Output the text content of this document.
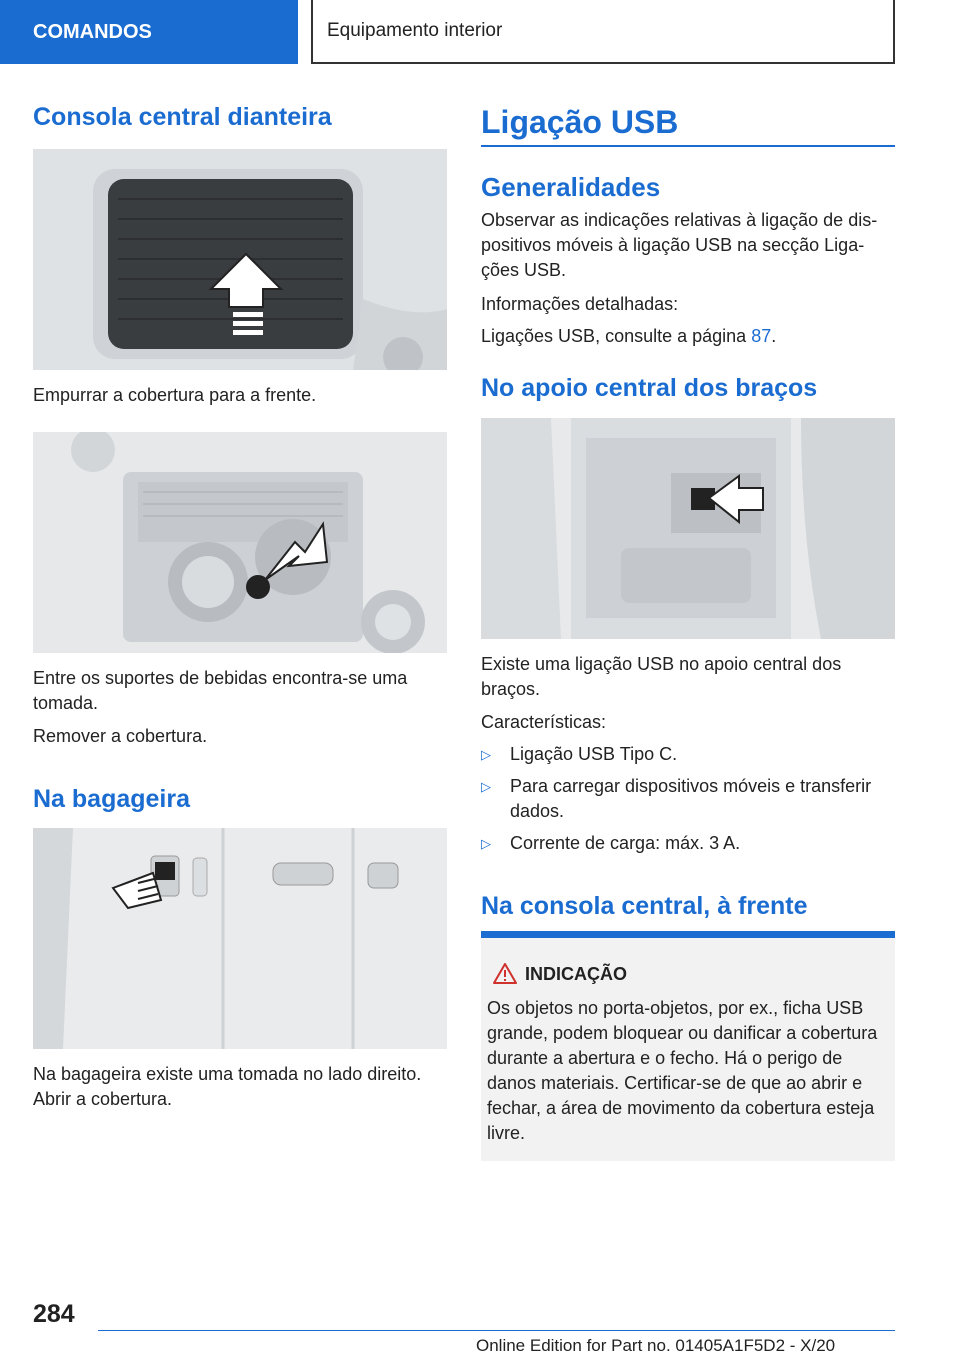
COMANDOS	Equipamento interior
Consola central dianteira

Empurrar a cobertura para a frente.

Entre os suportes de bebidas encontra-se uma tomada.

Remover a cobertura.

Na bagageira

Na bagageira existe uma tomada no lado direito.

Abrir a cobertura.

Ligação USB
Generalidades

Observar as indicações relativas à ligação de dispositivos móveis à ligação USB na secção Ligações USB.

Informações detalhadas:

Ligações USB, consulte a página 87.

No apoio central dos braços

Existe uma ligação USB no apoio central dos braços.

Características:

▷ Ligação USB Tipo C.
▷ Para carregar dispositivos móveis e transferir dados.
▷ Corrente de carga: máx. 3 A.
Na consola central, à frente
INDICAÇÃO
Os objetos no porta-objetos, por ex., ficha USB grande, podem bloquear ou danificar a cobertura durante a abertura e o fecho. Há o perigo de danos materiais. Certificar-se de que ao abrir e fechar, a área de movimento da cobertura esteja livre.
284
Online Edition for Part no. 01405A1F5D2 - X/20
